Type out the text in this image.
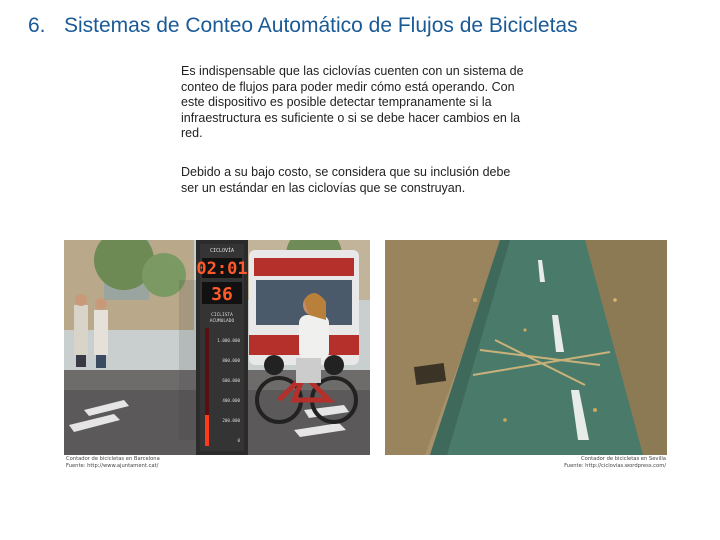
6. Sistemas de Conteo Automático de Flujos de Bicicletas
Es indispensable que las ciclovías cuenten con un sistema de conteo de flujos para poder medir cómo está operando. Con este dispositivo es posible detectar tempranamente si la infraestructura es suficiente o si se debe hacer cambios en la red.
Debido a su bajo costo, se considera que su inclusión debe ser un estándar en las ciclovías que se construyan.
CICLOVÍA
02:01
36
CICLISTA
ACUMULADO
1.000.000
800.000
600.000
400.000
200.000
0
Contador de bicicletas en Barcelona
Fuente: http://www.ajuntament.cat/
Contador de bicicletas en Sevilla
Fuente: http://ciclovias.wordpress.com/
